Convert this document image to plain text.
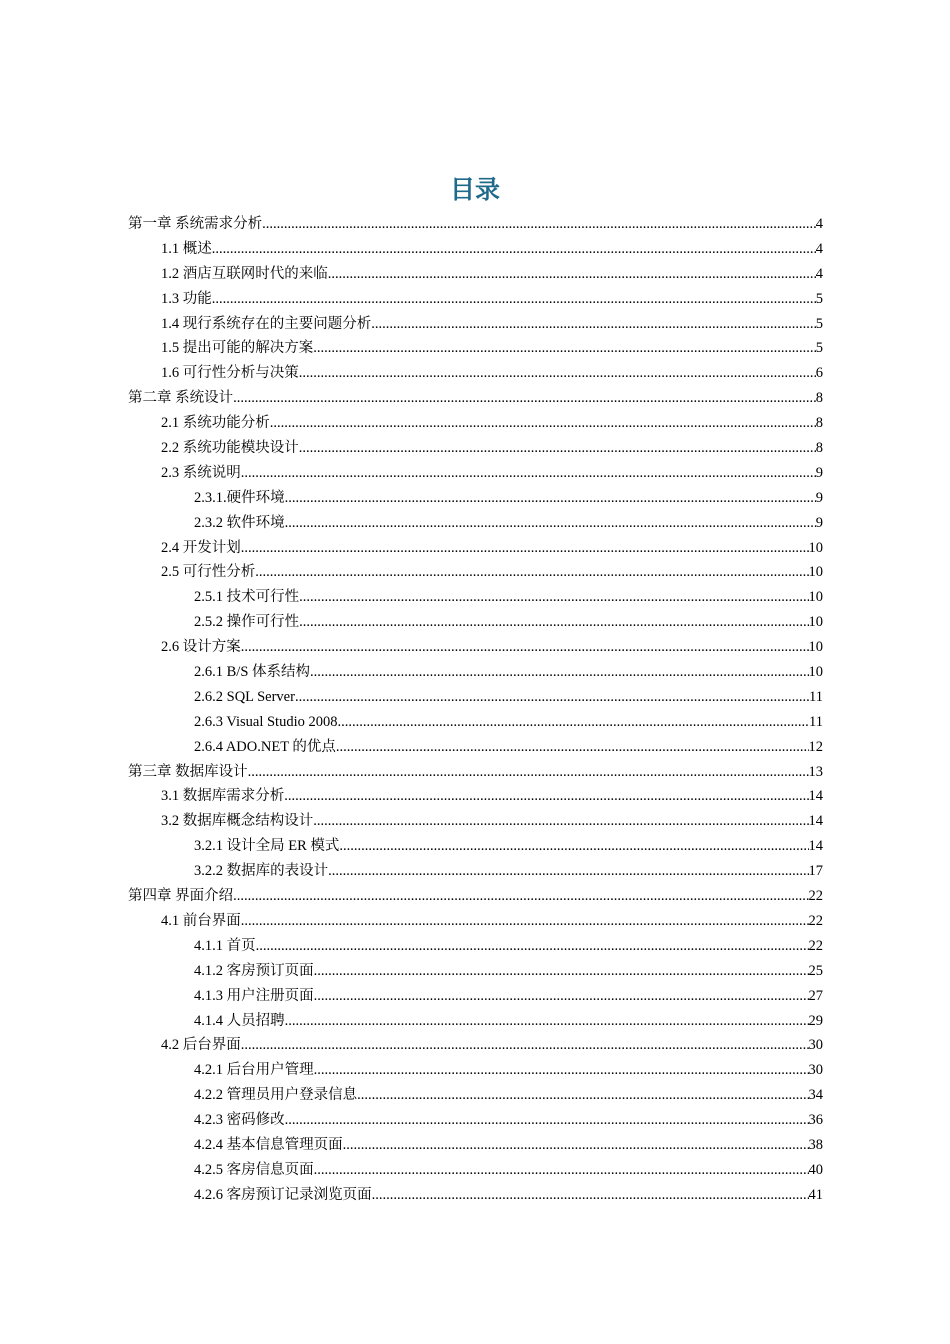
目录
第一章 系统需求分析 .....	4
1.1 概述 .....	4
1.2 酒店互联网时代的来临 .....	4
1.3 功能 .....	5
1.4 现行系统存在的主要问题分析 .....	5
1.5 提出可能的解决方案 .....	5
1.6 可行性分析与决策 .....	6
第二章 系统设计 .....	8
2.1 系统功能分析 .....	8
2.2 系统功能模块设计 .....	8
2.3 系统说明 .....	9
2.3.1.硬件环境 .....	9
2.3.2 软件环境 .....	9
2.4 开发计划 .....	10
2.5 可行性分析 .....	10
2.5.1 技术可行性 .....	10
2.5.2 操作可行性 .....	10
2.6 设计方案 .....	10
2.6.1 B/S 体系结构 .....	10
2.6.2 SQL Server .....	11
2.6.3 Visual Studio 2008 .....	11
2.6.4 ADO.NET 的优点 .....	12
第三章 数据库设计 .....	13
3.1 数据库需求分析 .....	14
3.2 数据库概念结构设计 .....	14
3.2.1 设计全局 ER 模式 .....	14
3.2.2 数据库的表设计 .....	17
第四章 界面介绍 .....	22
4.1 前台界面 .....	22
4.1.1 首页 .....	22
4.1.2 客房预订页面 .....	25
4.1.3 用户注册页面 .....	27
4.1.4 人员招聘 .....	29
4.2 后台界面 .....	30
4.2.1 后台用户管理 .....	30
4.2.2 管理员用户登录信息 .....	34
4.2.3 密码修改 .....	36
4.2.4 基本信息管理页面 .....	38
4.2.5 客房信息页面 .....	40
4.2.6 客房预订记录浏览页面 .....	41
